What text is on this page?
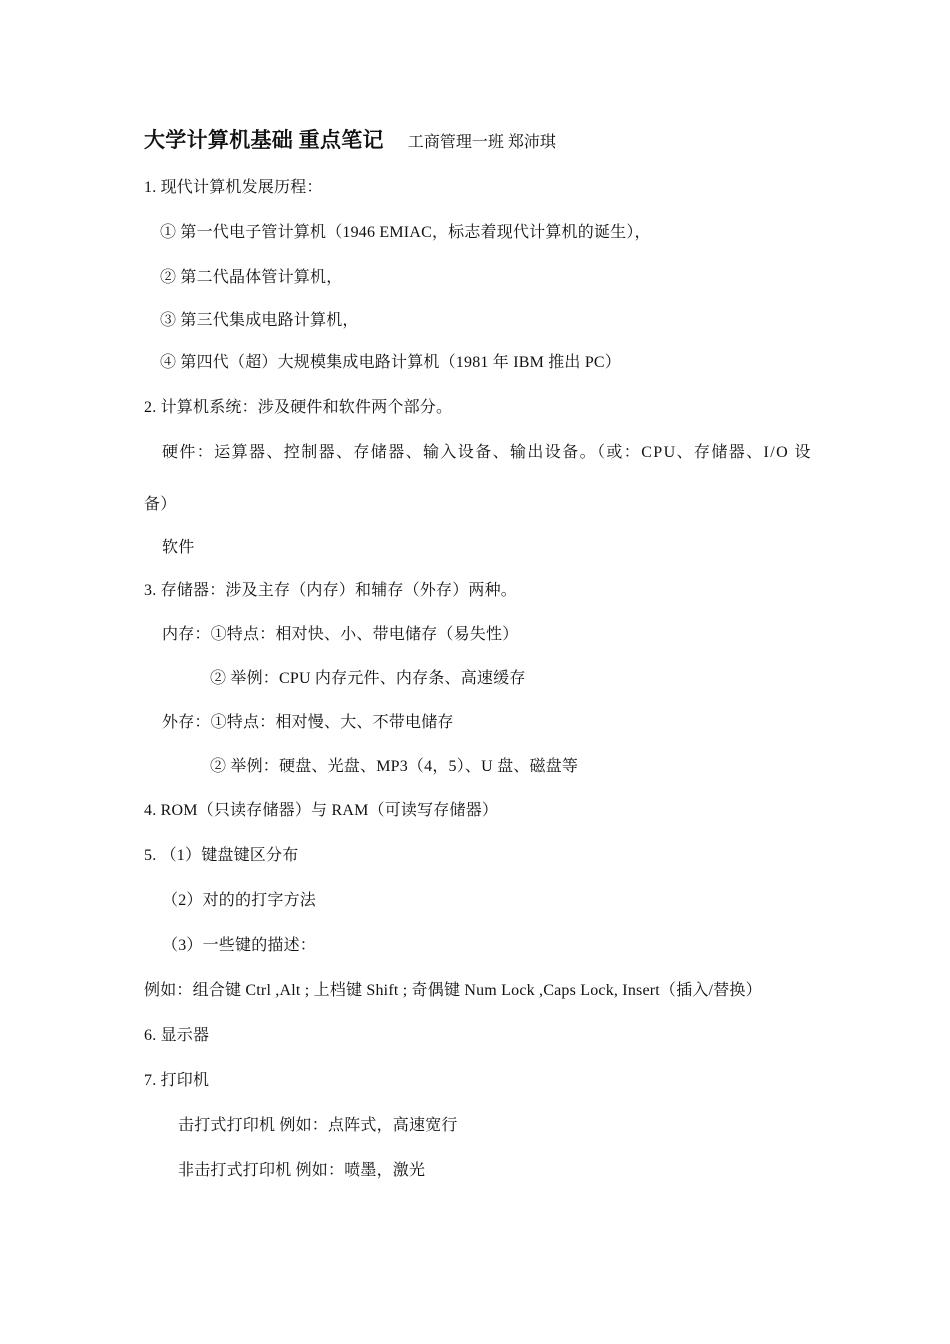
大学计算机基础 重点笔记 工商管理一班 郑沛琪
1. 现代计算机发展历程：
① 第一代电子管计算机（1946 EMIAC，标志着现代计算机的诞生），
② 第二代晶体管计算机，
③ 第三代集成电路计算机，
④ 第四代（超）大规模集成电路计算机（1981 年 IBM 推出 PC）
2. 计算机系统：涉及硬件和软件两个部分。
硬件：运算器、控制器、存储器、输入设备、输出设备。（或：CPU、存储器、I/O 设
备）
软件
3. 存储器：涉及主存（内存）和辅存（外存）两种。
内存：①特点：相对快、小、带电储存（易失性）
② 举例：CPU 内存元件、内存条、高速缓存
外存：①特点：相对慢、大、不带电储存
② 举例：硬盘、光盘、MP3（4，5）、U 盘、磁盘等
4. ROM（只读存储器）与 RAM（可读写存储器）
5. （1）键盘键区分布
（2）对的的打字方法
（3）一些键的描述：
例如：组合键 Ctrl ,Alt ; 上档键 Shift ; 奇偶键 Num Lock ,Caps Lock, Insert（插入/替换）
6. 显示器
7. 打印机
击打式打印机 例如：点阵式，高速宽行
非击打式打印机 例如：喷墨，激光
